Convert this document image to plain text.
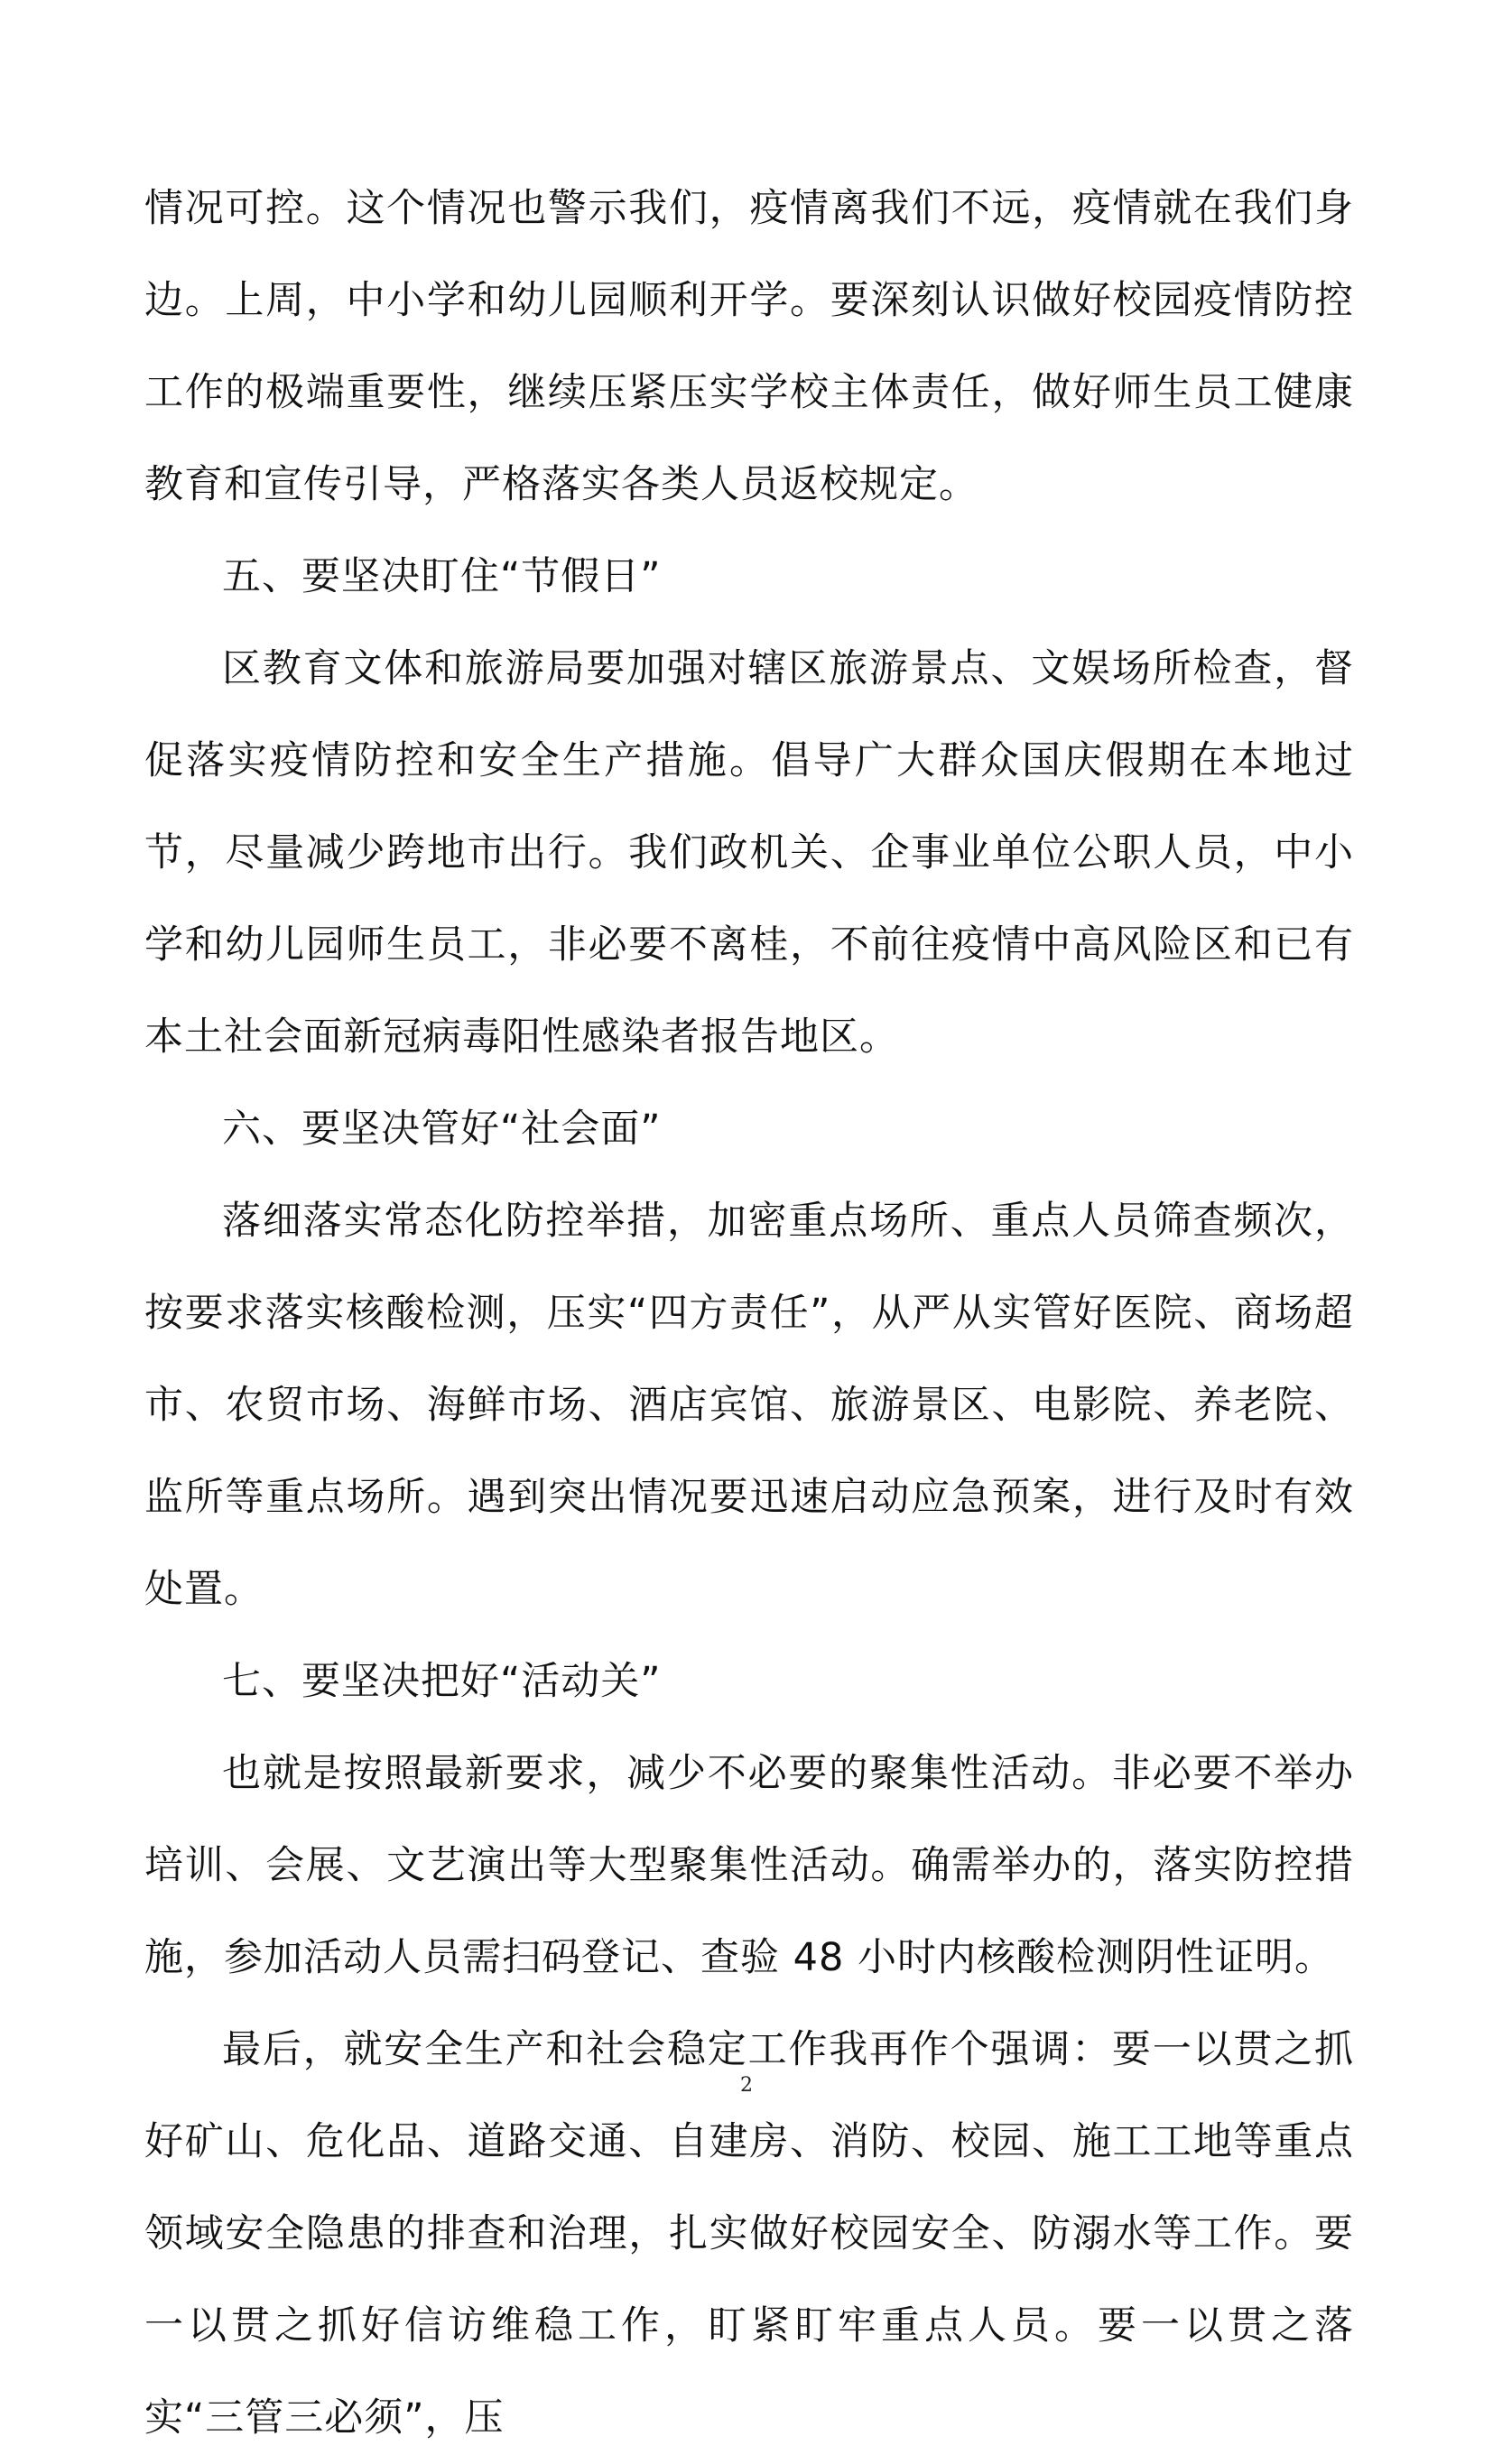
情况可控。这个情况也警示我们，疫情离我们不远，疫情就在我们身边。上周，中小学和幼儿园顺利开学。要深刻认识做好校园疫情防控工作的极端重要性，继续压紧压实学校主体责任，做好师生员工健康教育和宣传引导，严格落实各类人员返校规定。

五、要坚决盯住“节假日”

区教育文体和旅游局要加强对辖区旅游景点、文娱场所检查，督促落实疫情防控和安全生产措施。倡导广大群众国庆假期在本地过节，尽量减少跨地市出行。我们政机关、企事业单位公职人员，中小学和幼儿园师生员工，非必要不离桂，不前往疫情中高风险区和已有本土社会面新冠病毒阳性感染者报告地区。

六、要坚决管好“社会面”

落细落实常态化防控举措，加密重点场所、重点人员筛查频次，按要求落实核酸检测，压实“四方责任”，从严从实管好医院、商场超市、农贸市场、海鲜市场、酒店宾馆、旅游景区、电影院、养老院、监所等重点场所。遇到突出情况要迅速启动应急预案，进行及时有效处置。

七、要坚决把好“活动关”

也就是按照最新要求，减少不必要的聚集性活动。非必要不举办培训、会展、文艺演出等大型聚集性活动。确需举办的，落实防控措施，参加活动人员需扫码登记、查验 48 小时内核酸检测阴性证明。

最后，就安全生产和社会稳定工作我再作个强调：要一以贯之抓好矿山、危化品、道路交通、自建房、消防、校园、施工工地等重点领域安全隐患的排查和治理，扎实做好校园安全、防溺水等工作。要一以贯之抓好信访维稳工作，盯紧盯牢重点人员。要一以贯之落实“三管三必须”，压

2
